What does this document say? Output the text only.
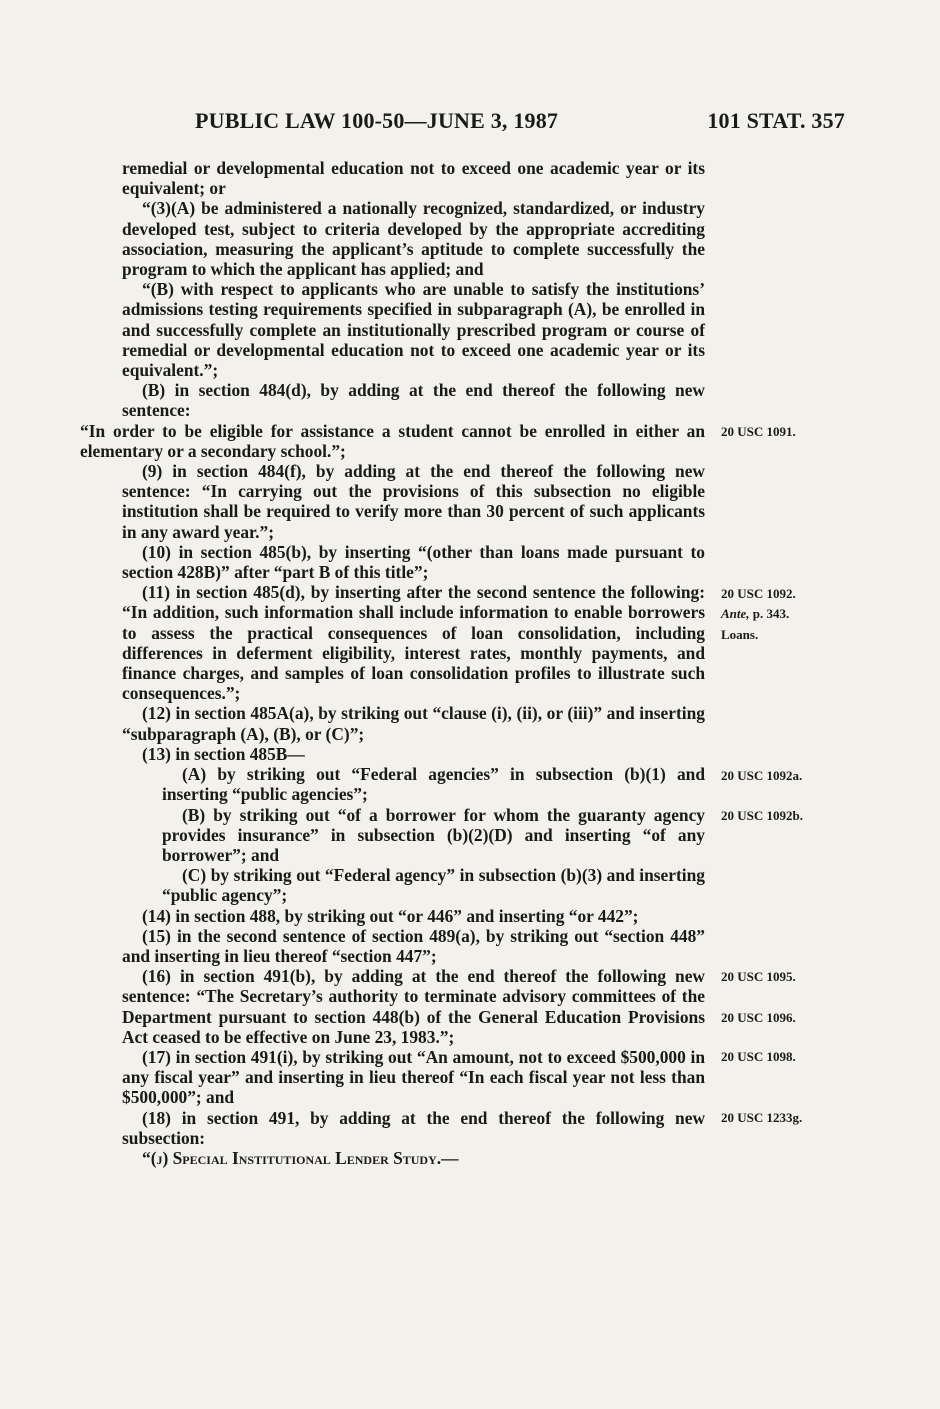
PUBLIC LAW 100-50—JUNE 3, 1987	101 STAT. 357

remedial or developmental education not to exceed one academic year or its equivalent; or

“(3)(A) be administered a nationally recognized, standardized, or industry developed test, subject to criteria developed by the appropriate accrediting association, measuring the applicant’s aptitude to complete successfully the program to which the applicant has applied; and

“(B) with respect to applicants who are unable to satisfy the institutions’ admissions testing requirements specified in subparagraph (A), be enrolled in and successfully complete an institutionally prescribed program or course of remedial or developmental education not to exceed one academic year or its equivalent.”;

(B) in section 484(d), by adding at the end thereof the following new sentence:

“In order to be eligible for assistance a student cannot be enrolled in either an elementary or a secondary school.”;

(9) in section 484(f), by adding at the end thereof the following new sentence: “In carrying out the provisions of this subsection no eligible institution shall be required to verify more than 30 percent of such applicants in any award year.”;

(10) in section 485(b), by inserting “(other than loans made pursuant to section 428B)” after “part B of this title”;

(11) in section 485(d), by inserting after the second sentence the following: “In addition, such information shall include information to enable borrowers to assess the practical consequences of loan consolidation, including differences in deferment eligibility, interest rates, monthly payments, and finance charges, and samples of loan consolidation profiles to illustrate such consequences.”;

(12) in section 485A(a), by striking out “clause (i), (ii), or (iii)” and inserting “subparagraph (A), (B), or (C)”;

(13) in section 485B—

(A) by striking out “Federal agencies” in subsection (b)(1) and inserting “public agencies”;

(B) by striking out “of a borrower for whom the guaranty agency provides insurance” in subsection (b)(2)(D) and inserting “of any borrower”; and

(C) by striking out “Federal agency” in subsection (b)(3) and inserting “public agency”;

(14) in section 488, by striking out “or 446” and inserting “or 442”;

(15) in the second sentence of section 489(a), by striking out “section 448” and inserting in lieu thereof “section 447”;

(16) in section 491(b), by adding at the end thereof the following new sentence: “The Secretary’s authority to terminate advisory committees of the Department pursuant to section 448(b) of the General Education Provisions Act ceased to be effective on June 23, 1983.”;

(17) in section 491(i), by striking out “An amount, not to exceed $500,000 in any fiscal year” and inserting in lieu thereof “In each fiscal year not less than $500,000”; and

(18) in section 491, by adding at the end thereof the following new subsection:

“(j) Special Institutional Lender Study.—

20 USC 1091.
20 USC 1092.
Ante, p. 343.
Loans.
20 USC 1092a.
20 USC 1092b.
20 USC 1095.
20 USC 1096.
20 USC 1098.
20 USC 1233g.
